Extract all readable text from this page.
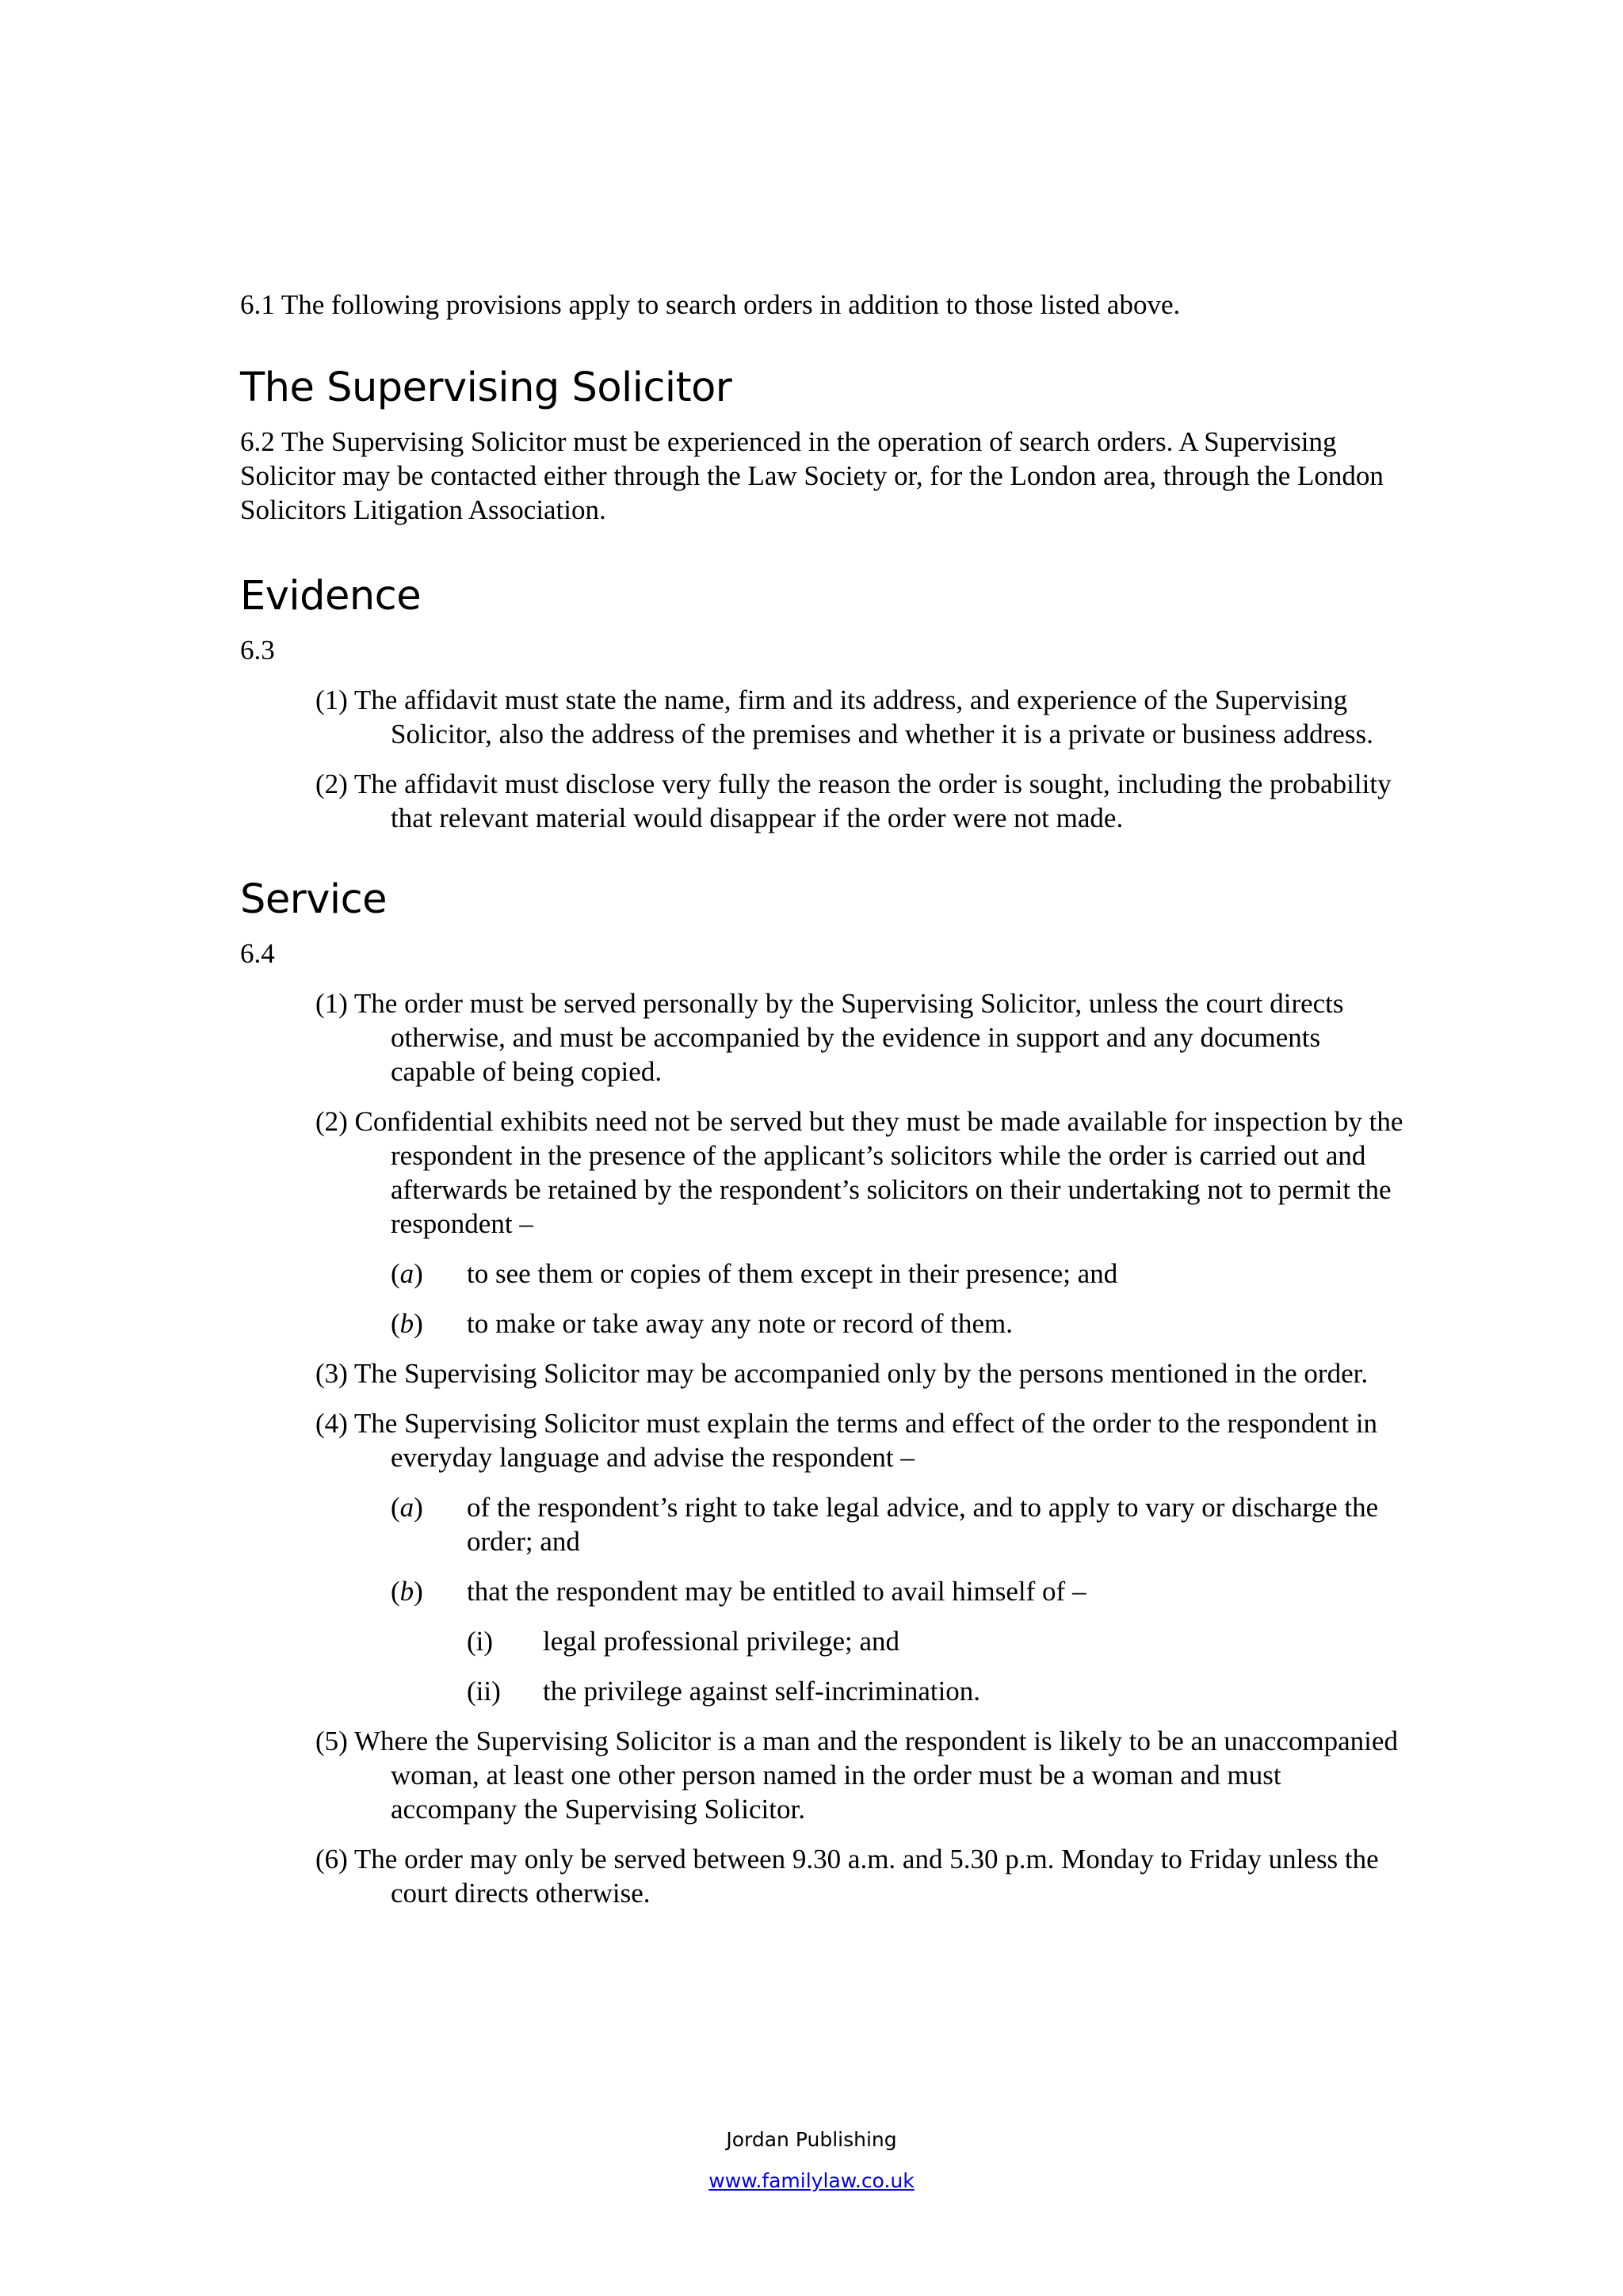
6.1 The following provisions apply to search orders in addition to those listed above.

The Supervising Solicitor

6.2 The Supervising Solicitor must be experienced in the operation of search orders. A Supervising Solicitor may be contacted either through the Law Society or, for the London area, through the London Solicitors Litigation Association.

Evidence

6.3

(1) The affidavit must state the name, firm and its address, and experience of the Supervising Solicitor, also the address of the premises and whether it is a private or business address.

(2) The affidavit must disclose very fully the reason the order is sought, including the probability that relevant material would disappear if the order were not made.

Service

6.4

(1) The order must be served personally by the Supervising Solicitor, unless the court directs otherwise, and must be accompanied by the evidence in support and any documents capable of being copied.

(2) Confidential exhibits need not be served but they must be made available for inspection by the respondent in the presence of the applicant’s solicitors while the order is carried out and afterwards be retained by the respondent’s solicitors on their undertaking not to permit the respondent –

(a)	to see them or copies of them except in their presence; and
(b)	to make or take away any note or record of them.

(3) The Supervising Solicitor may be accompanied only by the persons mentioned in the order.

(4) The Supervising Solicitor must explain the terms and effect of the order to the respondent in everyday language and advise the respondent –

(a)	of the respondent’s right to take legal advice, and to apply to vary or discharge the order; and
(b)	that the respondent may be entitled to avail himself of –
(i)	legal professional privilege; and
(ii)	the privilege against self-incrimination.

(5) Where the Supervising Solicitor is a man and the respondent is likely to be an unaccompanied woman, at least one other person named in the order must be a woman and must accompany the Supervising Solicitor.

(6) The order may only be served between 9.30 a.m. and 5.30 p.m. Monday to Friday unless the court directs otherwise.

Jordan Publishing
www.familylaw.co.uk
